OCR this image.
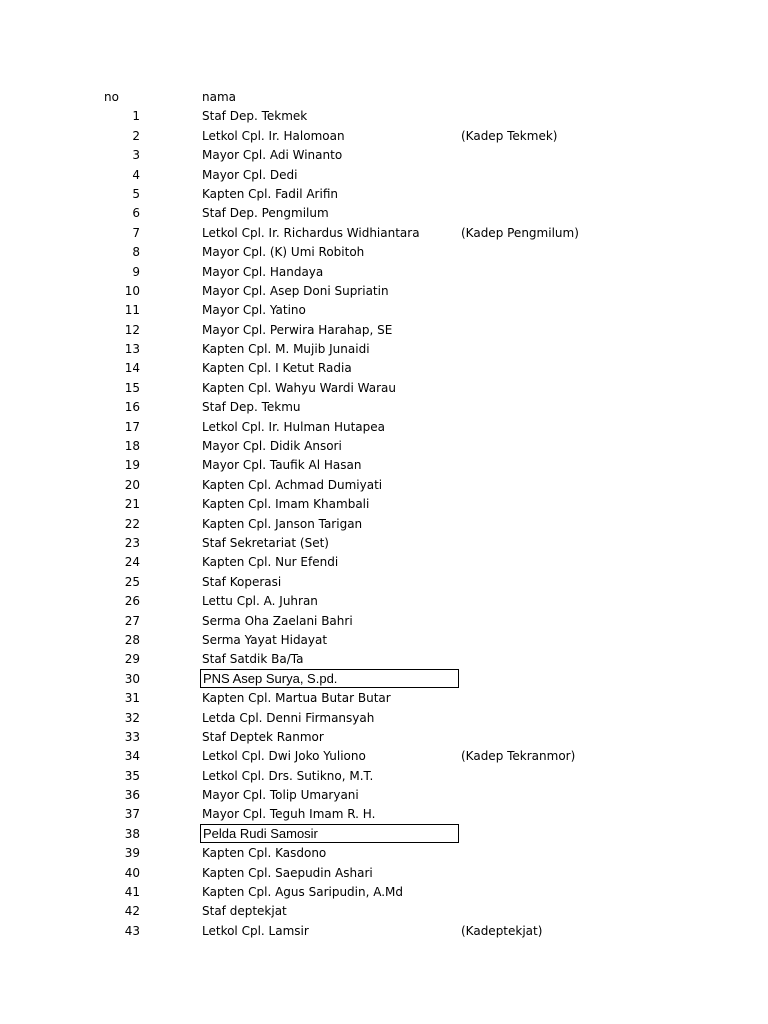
no	nama
1	Staf Dep. Tekmek
2	Letkol Cpl. Ir. Halomoan	(Kadep Tekmek)
3	Mayor Cpl. Adi Winanto
4	Mayor Cpl. Dedi
5	Kapten Cpl. Fadil Arifin
6	Staf Dep. Pengmilum
7	Letkol Cpl. Ir. Richardus Widhiantara	(Kadep Pengmilum)
8	Mayor Cpl. (K) Umi Robitoh
9	Mayor Cpl. Handaya
10	Mayor Cpl. Asep Doni Supriatin
11	Mayor Cpl. Yatino
12	Mayor Cpl. Perwira Harahap, SE
13	Kapten Cpl. M. Mujib Junaidi
14	Kapten Cpl. I Ketut Radia
15	Kapten Cpl. Wahyu Wardi Warau
16	Staf Dep. Tekmu
17	Letkol Cpl. Ir. Hulman Hutapea
18	Mayor Cpl. Didik Ansori
19	Mayor Cpl. Taufik Al Hasan
20	Kapten Cpl. Achmad Dumiyati
21	Kapten Cpl. Imam Khambali
22	Kapten Cpl. Janson Tarigan
23	Staf Sekretariat (Set)
24	Kapten Cpl. Nur Efendi
25	Staf Koperasi
26	Lettu Cpl. A. Juhran
27	Serma Oha Zaelani Bahri
28	Serma Yayat Hidayat
29	Staf Satdik Ba/Ta
30	PNS Asep Surya, S.pd.
31	Kapten Cpl. Martua Butar Butar
32	Letda Cpl. Denni Firmansyah
33	Staf Deptek Ranmor
34	Letkol Cpl. Dwi Joko Yuliono	(Kadep Tekranmor)
35	Letkol Cpl. Drs. Sutikno, M.T.
36	Mayor Cpl. Tolip Umaryani
37	Mayor Cpl. Teguh Imam R. H.
38	Pelda Rudi Samosir
39	Kapten Cpl. Kasdono
40	Kapten Cpl. Saepudin Ashari
41	Kapten Cpl. Agus Saripudin, A.Md
42	Staf deptekjat
43	Letkol Cpl. Lamsir	(Kadeptekjat)
